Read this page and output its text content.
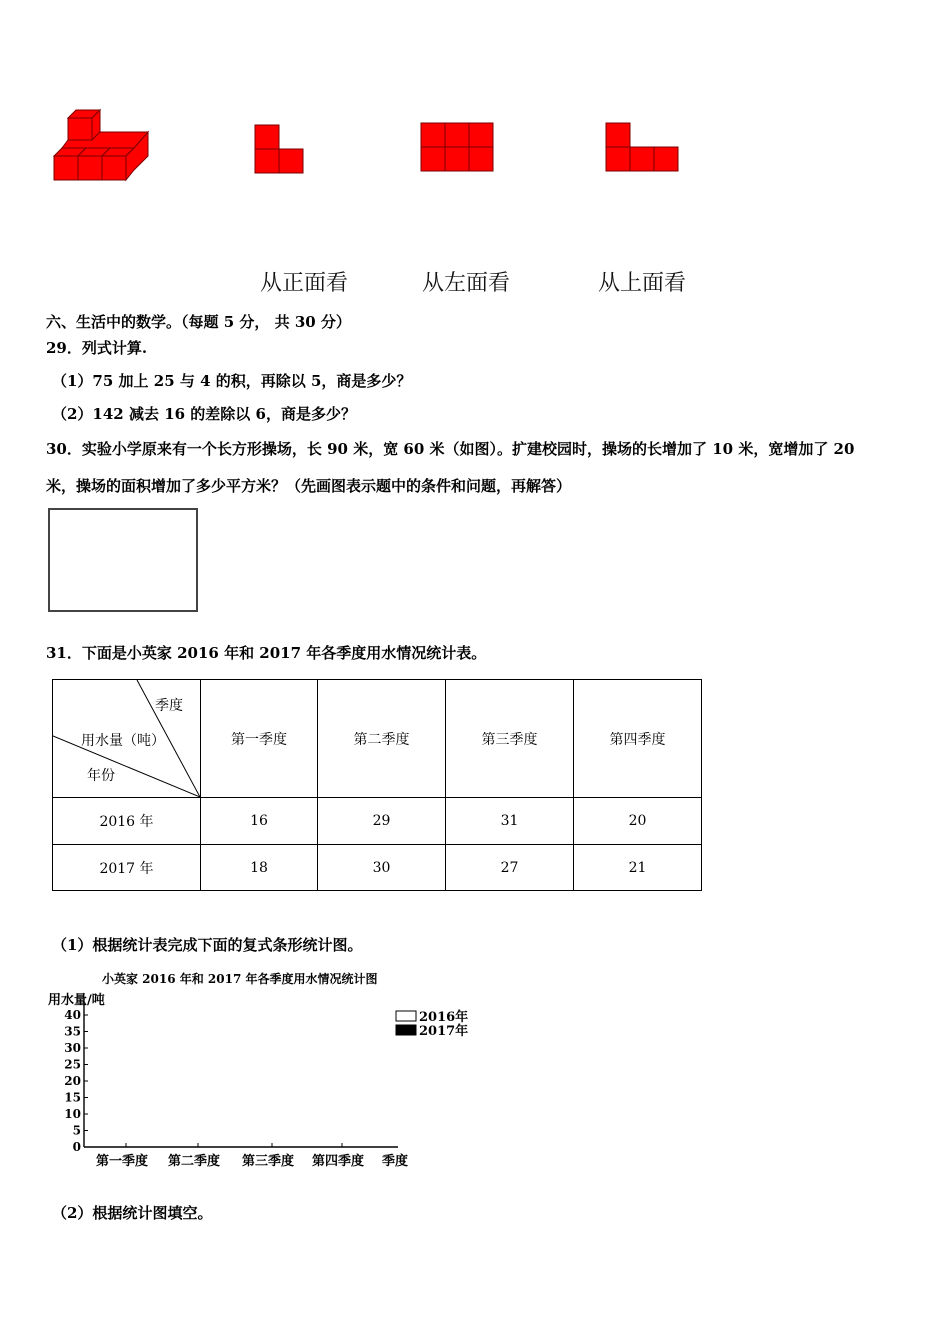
从正面看	从左面看	从上面看
六、生活中的数学。（每题 5 分， 共 30 分）
29．列式计算.
（1）75 加上 25 与 4 的积，再除以 5，商是多少？
（2）142 减去 16 的差除以 6，商是多少？
30．实验小学原来有一个长方形操场，长 90 米，宽 60 米（如图）。扩建校园时，操场的长增加了 10 米，宽增加了 20
米，操场的面积增加了多少平方米？（先画图表示题中的条件和问题，再解答）
31．下面是小英家 2016 年和 2017 年各季度用水情况统计表。
季度
用水量（吨）
年份	第一季度	第二季度	第三季度	第四季度
2016 年	16	29	31	20
2017 年	18	30	27	21
（1）根据统计表完成下面的复式条形统计图。
小英家 2016 年和 2017 年各季度用水情况统计图
用水量/吨
0
5
10
15
20
25
30
35
40
第一季度 第二季度 第三季度 第四季度 季度
2016年
2017年
（2）根据统计图填空。
